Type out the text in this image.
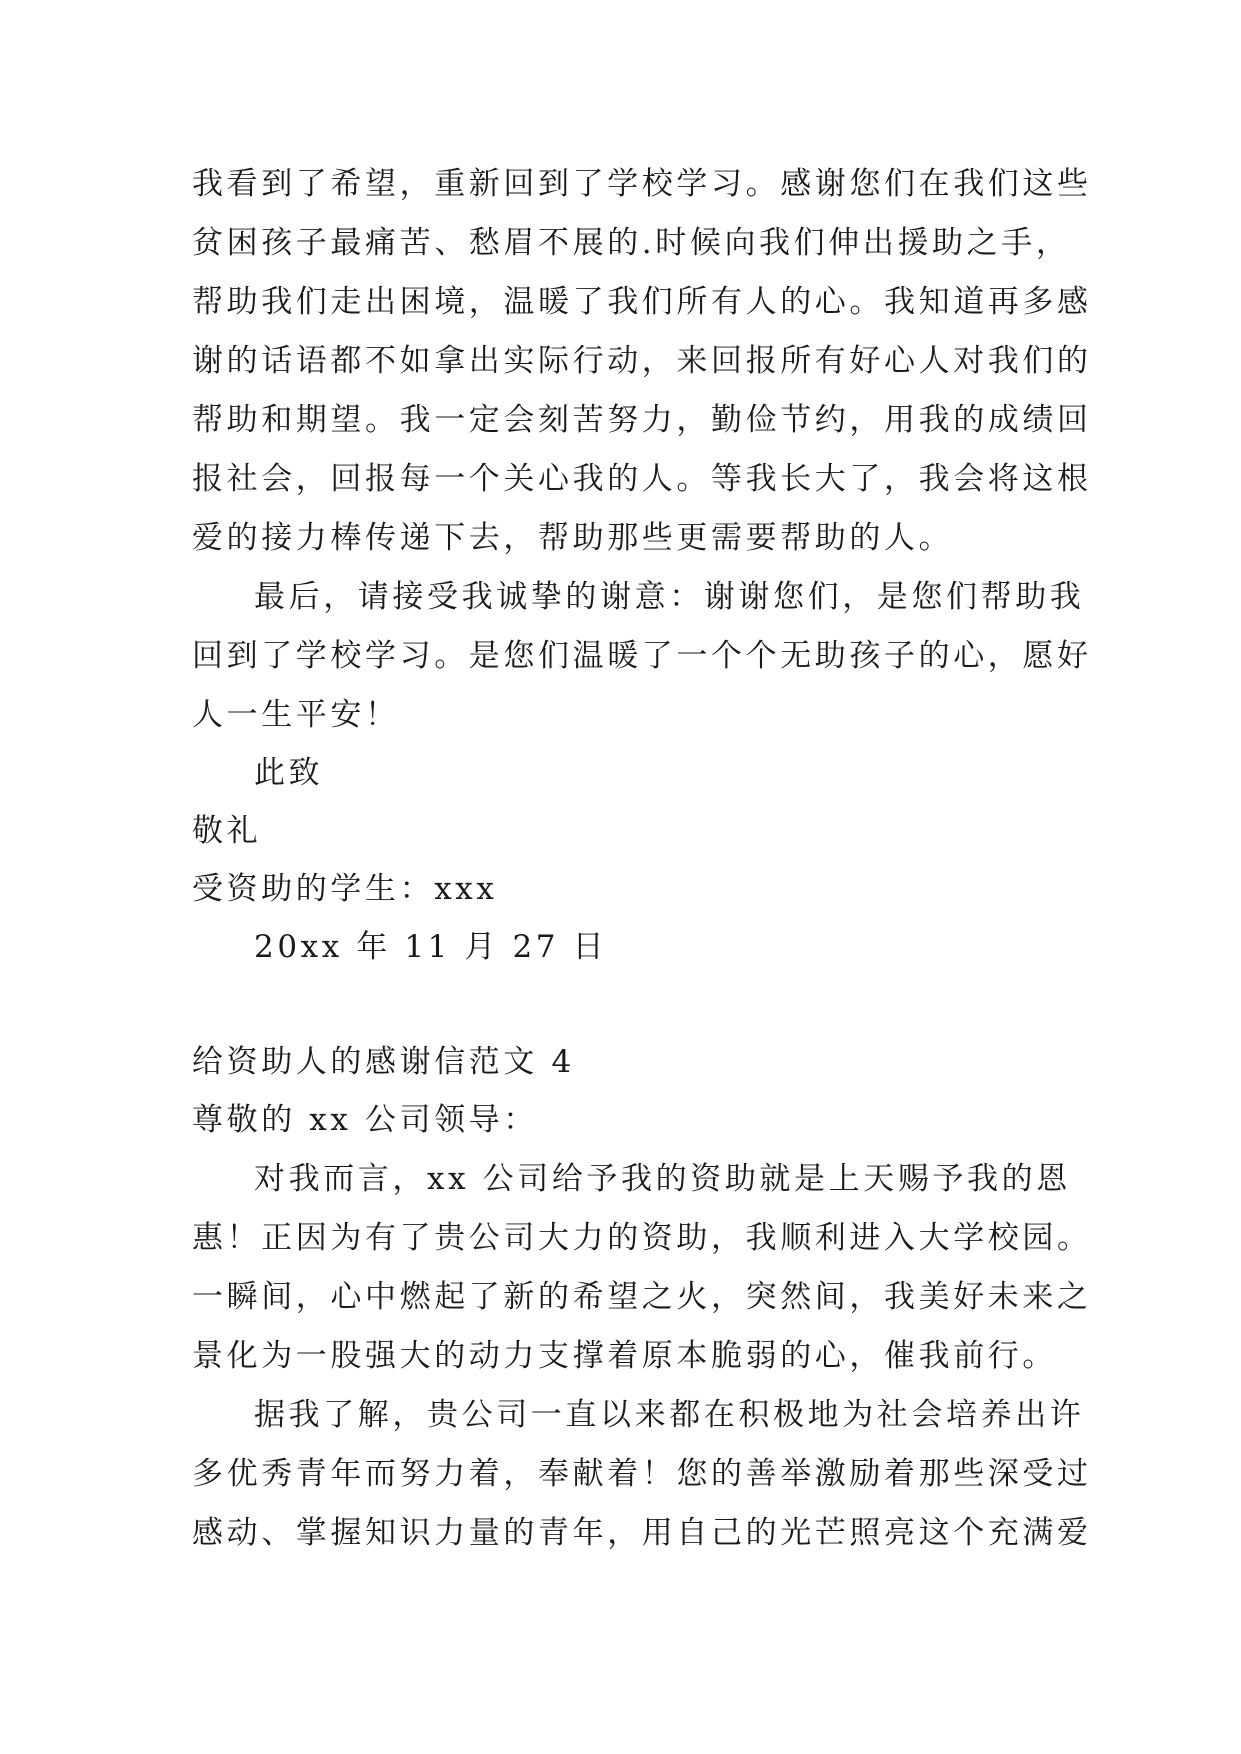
我看到了希望，重新回到了学校学习。感谢您们在我们这些

贫困孩子最痛苦、愁眉不展的.时候向我们伸出援助之手，

帮助我们走出困境，温暖了我们所有人的心。我知道再多感

谢的话语都不如拿出实际行动，来回报所有好心人对我们的

帮助和期望。我一定会刻苦努力，勤俭节约，用我的成绩回

报社会，回报每一个关心我的人。等我长大了，我会将这根

爱的接力棒传递下去，帮助那些更需要帮助的人。

最后，请接受我诚挚的谢意：谢谢您们，是您们帮助我

回到了学校学习。是您们温暖了一个个无助孩子的心，愿好

人一生平安！

此致

敬礼

受资助的学生：xxx

20xx 年 11 月 27 日

给资助人的感谢信范文 4

尊敬的 xx 公司领导：

对我而言，xx 公司给予我的资助就是上天赐予我的恩

惠！正因为有了贵公司大力的资助，我顺利进入大学校园。

一瞬间，心中燃起了新的希望之火，突然间，我美好未来之

景化为一股强大的动力支撑着原本脆弱的心，催我前行。

据我了解，贵公司一直以来都在积极地为社会培养出许

多优秀青年而努力着，奉献着！您的善举激励着那些深受过

感动、掌握知识力量的青年，用自己的光芒照亮这个充满爱
